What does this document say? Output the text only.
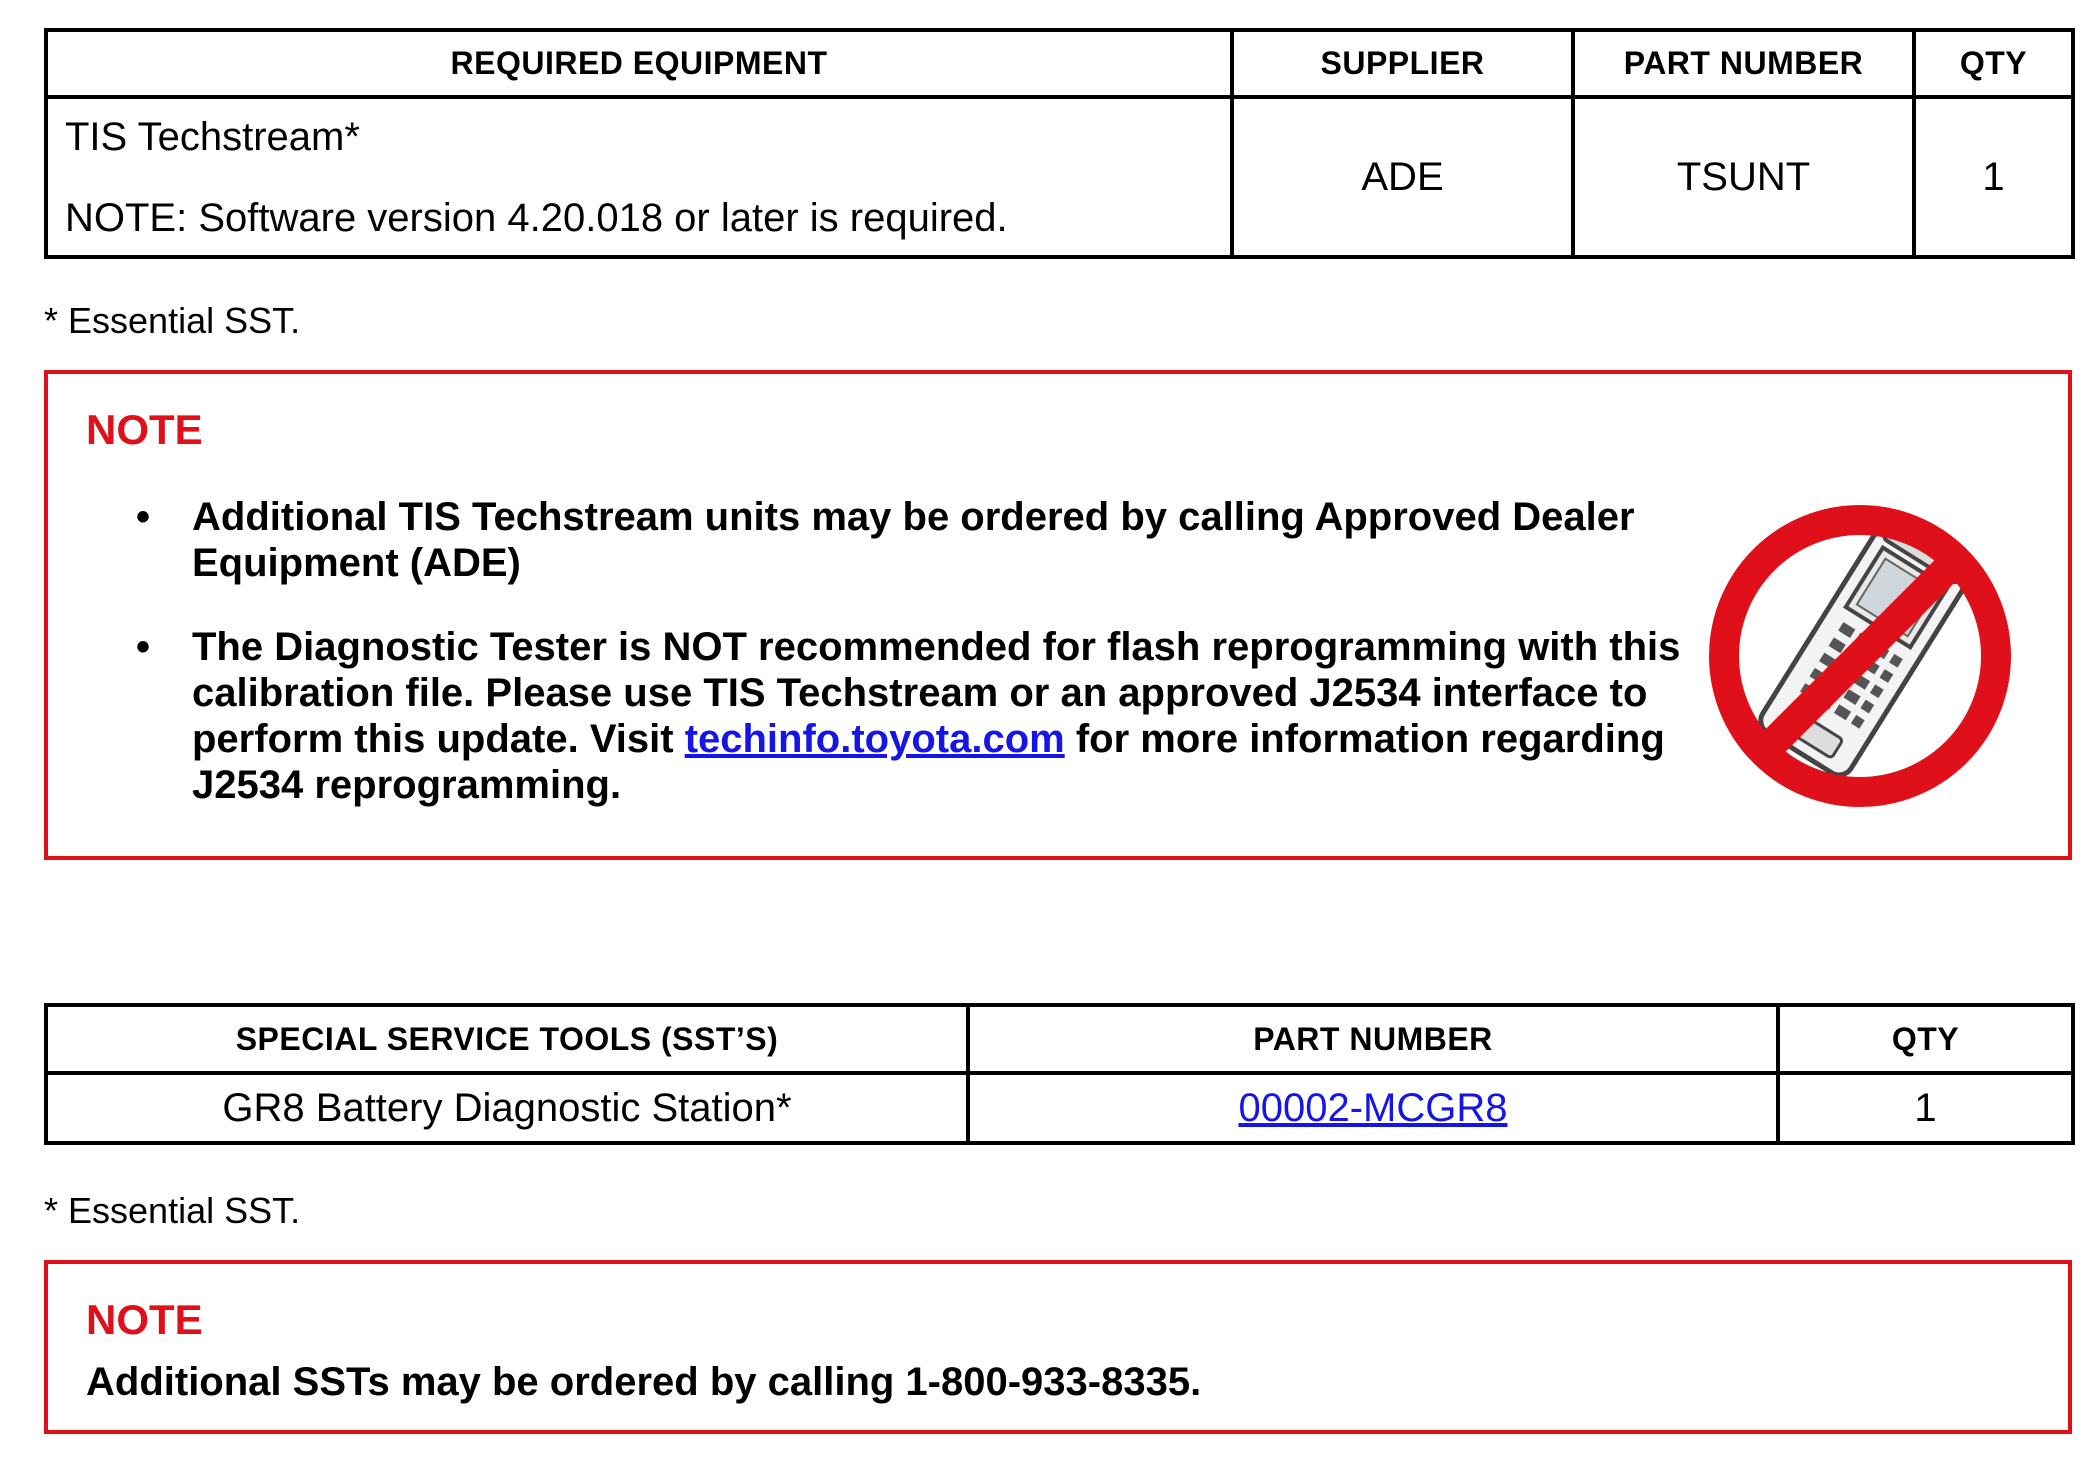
REQUIRED EQUIPMENT	SUPPLIER	PART NUMBER	QTY

TIS Techstream*
NOTE: Software version 4.20.018 or later is required.	ADE	TSUNT	1
* Essential SST.
NOTE
• Additional TIS Techstream units may be ordered by calling Approved Dealer Equipment (ADE)
• The Diagnostic Tester is NOT recommended for flash reprogramming with this calibration file. Please use TIS Techstream or an approved J2534 interface to perform this update. Visit techinfo.toyota.com for more information regarding J2534 reprogramming.
SPECIAL SERVICE TOOLS (SST’S)	PART NUMBER	QTY
GR8 Battery Diagnostic Station*	00002-MCGR8	1
* Essential SST.
NOTE
Additional SSTs may be ordered by calling 1-800-933-8335.
